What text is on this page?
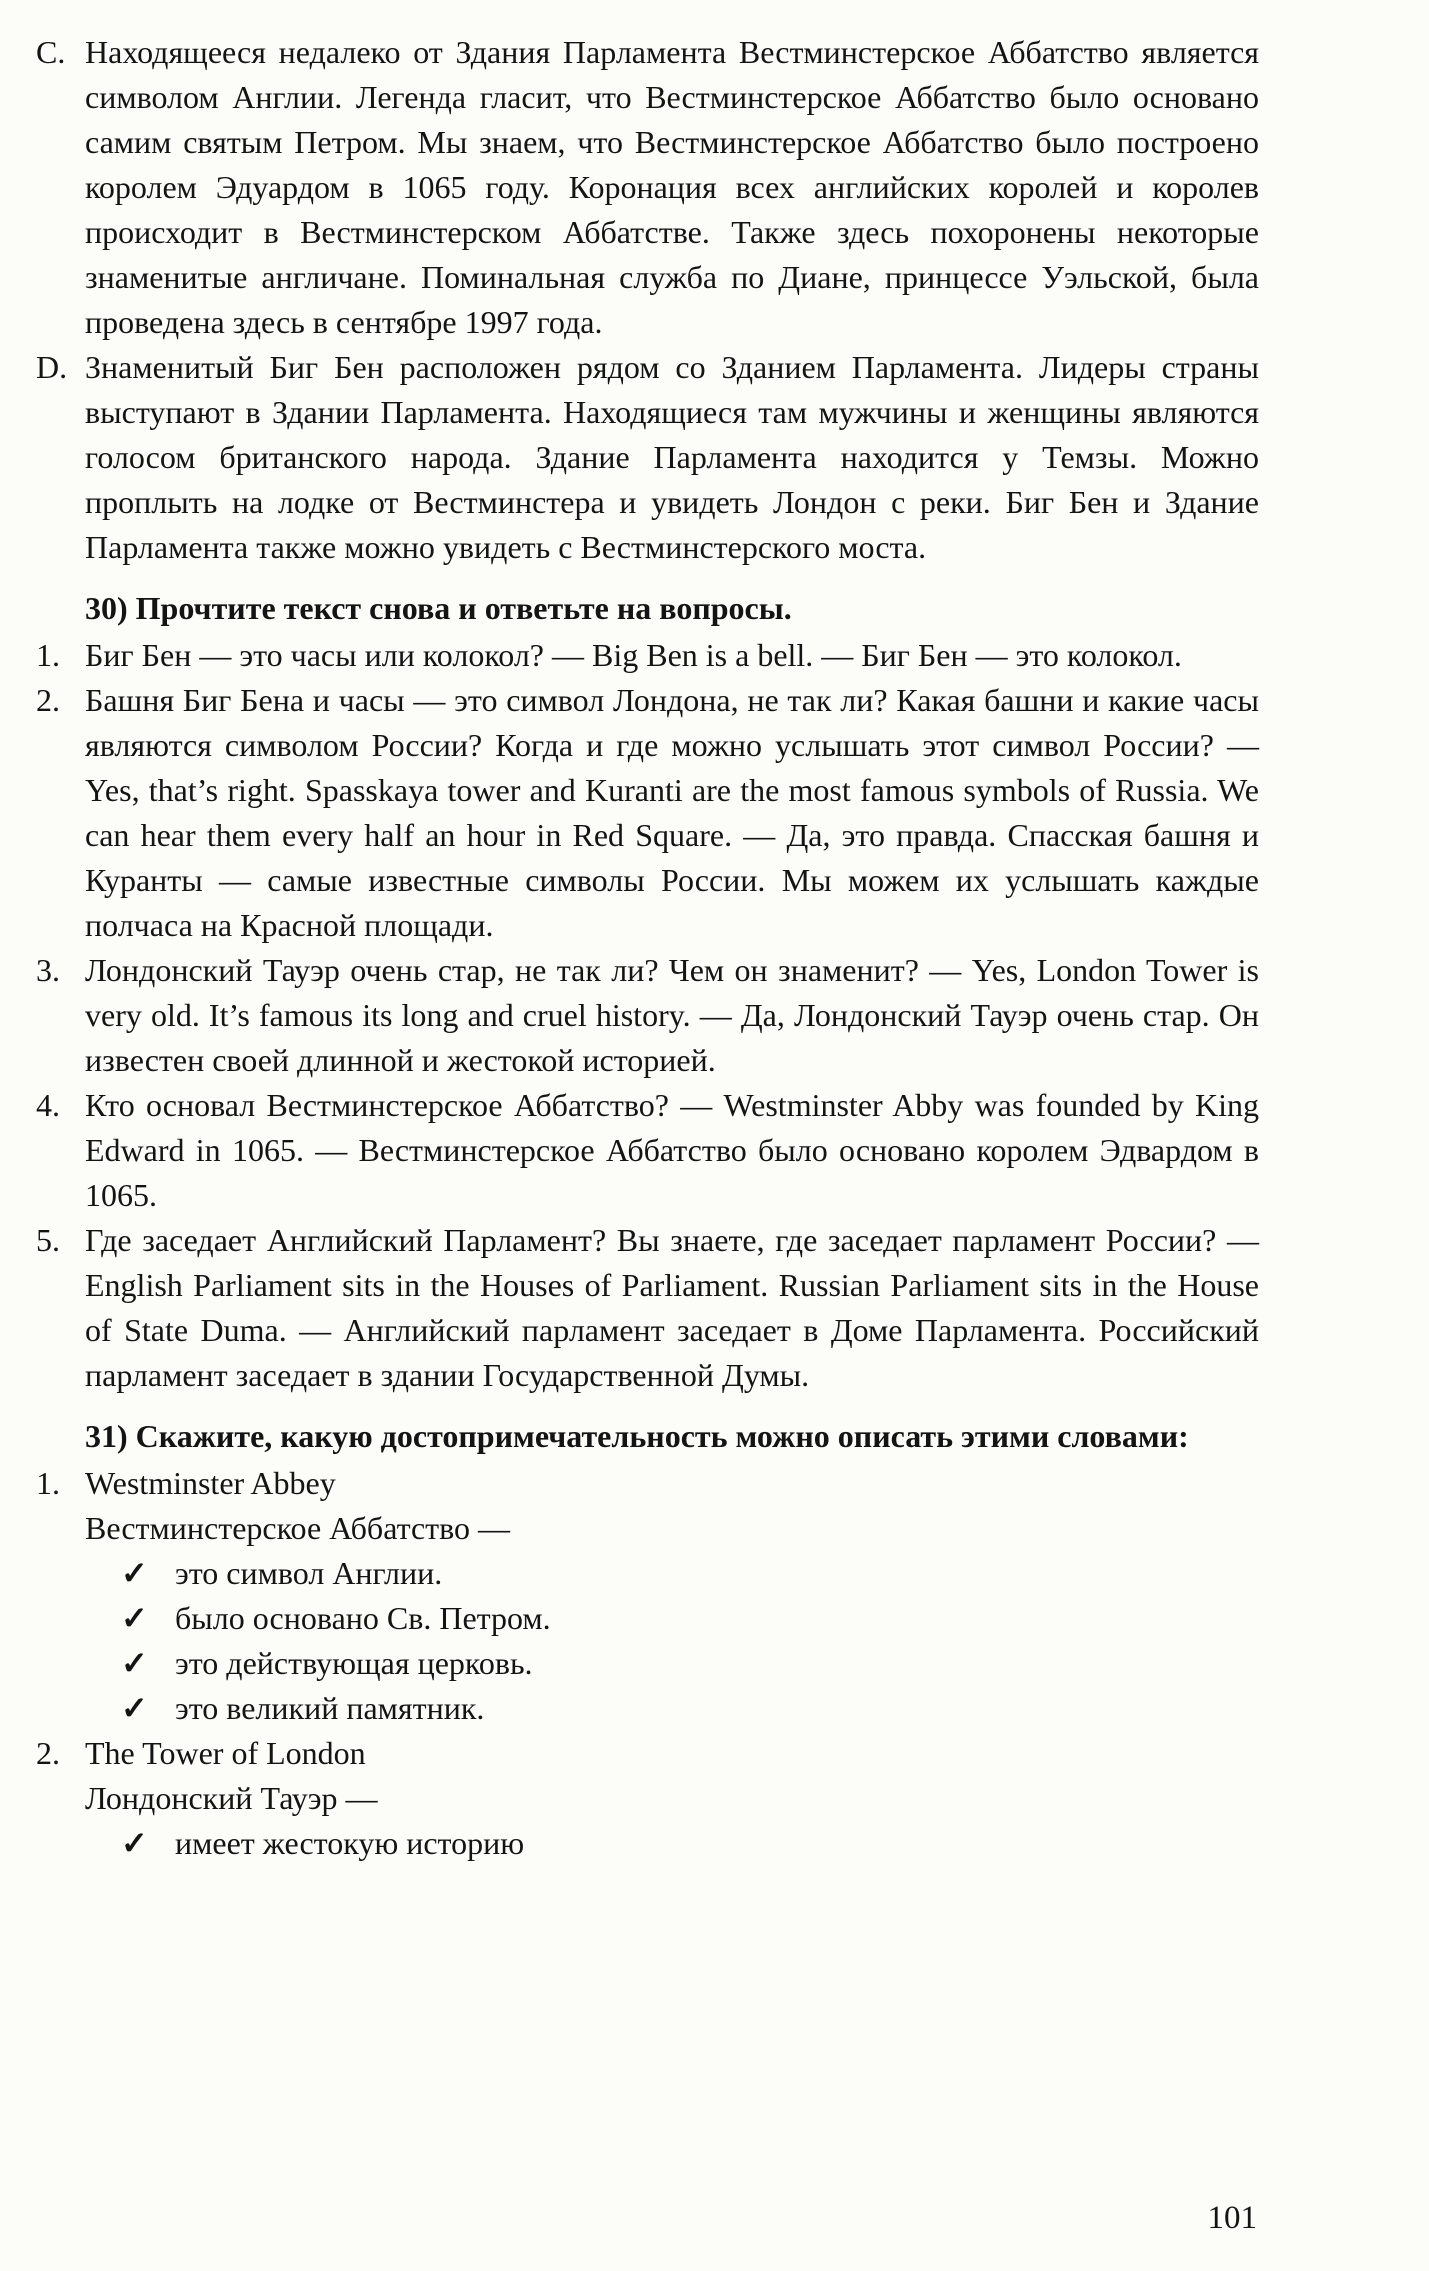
C. Находящееся недалеко от Здания Парламента Вестминстерское Аббатство является символом Англии. Легенда гласит, что Вестминстерское Аббатство было основано самим святым Петром. Мы знаем, что Вестминстерское Аббатство было построено королем Эдуардом в 1065 году. Коронация всех английских королей и королев происходит в Вестминстерском Аббатстве. Также здесь похоронены некоторые знаменитые англичане. Поминальная служба по Диане, принцессе Уэльской, была проведена здесь в сентябре 1997 года.
D. Знаменитый Биг Бен расположен рядом со Зданием Парламента. Лидеры страны выступают в Здании Парламента. Находящиеся там мужчины и женщины являются голосом британского народа. Здание Парламента находится у Темзы. Можно проплыть на лодке от Вестминстера и увидеть Лондон с реки. Биг Бен и Здание Парламента также можно увидеть с Вестминстерского моста.
30) Прочтите текст снова и ответьте на вопросы.
1. Биг Бен — это часы или колокол? — Big Ben is a bell. — Биг Бен — это колокол.
2. Башня Биг Бена и часы — это символ Лондона, не так ли? Какая башни и какие часы являются символом России? Когда и где можно услышать этот символ России? — Yes, that’s right. Spasskaya tower and Kuranti are the most famous symbols of Russia. We can hear them every half an hour in Red Square. — Да, это правда. Спасская башня и Куранты — самые известные символы России. Мы можем их услышать каждые полчаса на Красной площади.
3. Лондонский Тауэр очень стар, не так ли? Чем он знаменит? — Yes, London Tower is very old. It’s famous its long and cruel history. — Да, Лондонский Тауэр очень стар. Он известен своей длинной и жестокой историей.
4. Кто основал Вестминстерское Аббатство? — Westminster Abby was founded by King Edward in 1065. — Вестминстерское Аббатство было основано королем Эдвардом в 1065.
5. Где заседает Английский Парламент? Вы знаете, где заседает парламент России? — English Parliament sits in the Houses of Parliament. Russian Parliament sits in the House of State Duma. — Английский парламент заседает в Доме Парламента. Российский парламент заседает в здании Государственной Думы.
31) Скажите, какую достопримечательность можно описать этими словами:
1. Westminster Abbey
Вестминстерское Аббатство —
✓ это символ Англии.
✓ было основано Св. Петром.
✓ это действующая церковь.
✓ это великий памятник.
2. The Tower of London
Лондонский Тауэр —
✓ имеет жестокую историю
101
